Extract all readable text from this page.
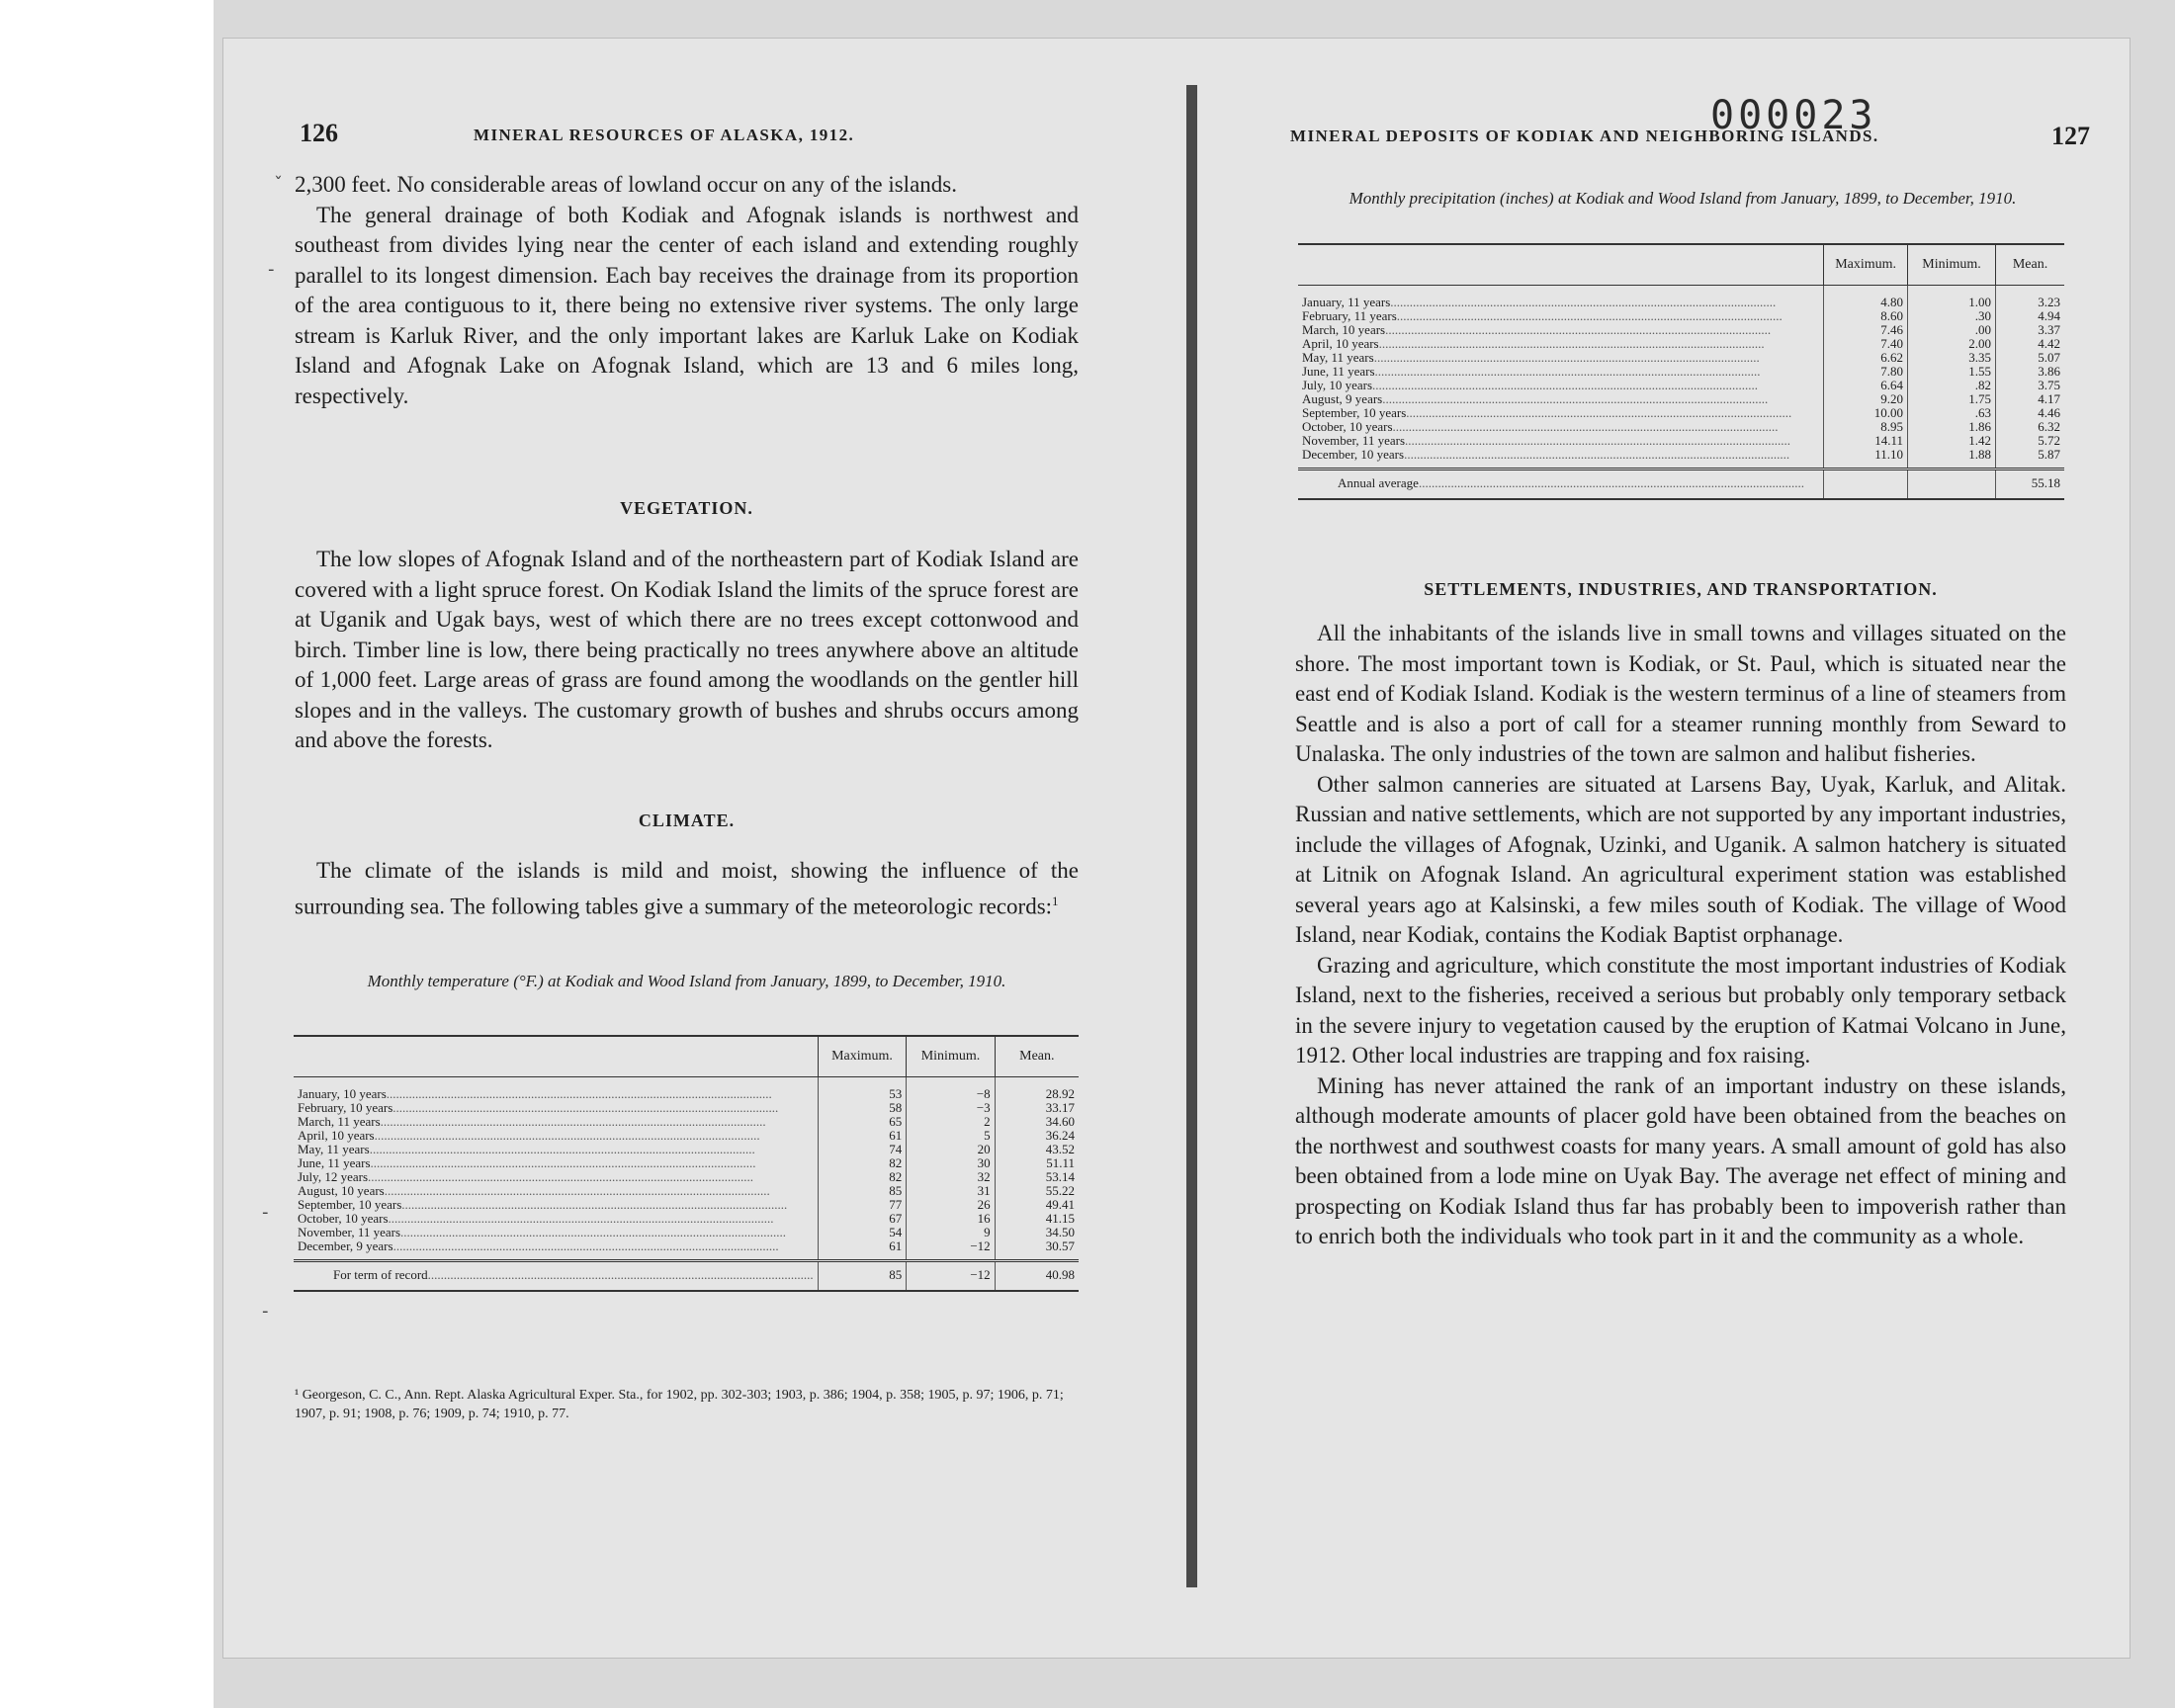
126	MINERAL RESOURCES OF ALASKA, 1912.

2,300 feet. No considerable areas of lowland occur on any of the islands.

The general drainage of both Kodiak and Afognak islands is northwest and southeast from divides lying near the center of each island and extending roughly parallel to its longest dimension. Each bay receives the drainage from its proportion of the area contiguous to it, there being no extensive river systems. The only large stream is Karluk River, and the only important lakes are Karluk Lake on Kodiak Island and Afognak Lake on Afognak Island, which are 13 and 6 miles long, respectively.

VEGETATION.

The low slopes of Afognak Island and of the northeastern part of Kodiak Island are covered with a light spruce forest. On Kodiak Island the limits of the spruce forest are at Uganik and Ugak bays, west of which there are no trees except cottonwood and birch. Timber line is low, there being practically no trees anywhere above an altitude of 1,000 feet. Large areas of grass are found among the woodlands on the gentler hill slopes and in the valleys. The customary growth of bushes and shrubs occurs among and above the forests.

CLIMATE.

The climate of the islands is mild and moist, showing the influence of the surrounding sea. The following tables give a summary of the meteorologic records:$^1$

Monthly temperature (°F.) at Kodiak and Wood Island from January, 1899, to December, 1910.
	Maximum.	Minimum.	Mean.
January, 10 years........................................................................................................................	53	−8	28.92
February, 10 years........................................................................................................................	58	−3	33.17
March, 11 years........................................................................................................................	65	2	34.60
April, 10 years........................................................................................................................	61	5	36.24
May, 11 years........................................................................................................................	74	20	43.52
June, 11 years........................................................................................................................	82	30	51.11
July, 12 years........................................................................................................................	82	32	53.14
August, 10 years........................................................................................................................	85	31	55.22
September, 10 years........................................................................................................................	77	26	49.41
October, 10 years........................................................................................................................	67	16	41.15
November, 11 years........................................................................................................................	54	9	34.50
December, 9 years........................................................................................................................	61	−12	30.57
For term of record........................................................................................................................	85	−12	40.98
¹ Georgeson, C. C., Ann. Rept. Alaska Agricultural Exper. Sta., for 1902, pp. 302-303; 1903, p. 386; 1904, p. 358; 1905, p. 97; 1906, p. 71; 1907, p. 91; 1908, p. 76; 1909, p. 74; 1910, p. 77.
000023
MINERAL DEPOSITS OF KODIAK AND NEIGHBORING ISLANDS.	127
Monthly precipitation (inches) at Kodiak and Wood Island from January, 1899, to December, 1910.
	Maximum.	Minimum.	Mean.
January, 11 years........................................................................................................................	4.80	1.00	3.23
February, 11 years........................................................................................................................	8.60	.30	4.94
March, 10 years........................................................................................................................	7.46	.00	3.37
April, 10 years........................................................................................................................	7.40	2.00	4.42
May, 11 years........................................................................................................................	6.62	3.35	5.07
June, 11 years........................................................................................................................	7.80	1.55	3.86
July, 10 years........................................................................................................................	6.64	.82	3.75
August, 9 years........................................................................................................................	9.20	1.75	4.17
September, 10 years........................................................................................................................	10.00	.63	4.46
October, 10 years........................................................................................................................	8.95	1.86	6.32
November, 11 years........................................................................................................................	14.11	1.42	5.72
December, 10 years........................................................................................................................	11.10	1.88	5.87
Annual average........................................................................................................................			55.18
SETTLEMENTS, INDUSTRIES, AND TRANSPORTATION.

All the inhabitants of the islands live in small towns and villages situated on the shore. The most important town is Kodiak, or St. Paul, which is situated near the east end of Kodiak Island. Kodiak is the western terminus of a line of steamers from Seattle and is also a port of call for a steamer running monthly from Seward to Unalaska. The only industries of the town are salmon and halibut fisheries.

Other salmon canneries are situated at Larsens Bay, Uyak, Karluk, and Alitak. Russian and native settlements, which are not supported by any important industries, include the villages of Afognak, Uzinki, and Uganik. A salmon hatchery is situated at Litnik on Afognak Island. An agricultural experiment station was established several years ago at Kalsinski, a few miles south of Kodiak. The village of Wood Island, near Kodiak, contains the Kodiak Baptist orphanage.

Grazing and agriculture, which constitute the most important industries of Kodiak Island, next to the fisheries, received a serious but probably only temporary setback in the severe injury to vegetation caused by the eruption of Katmai Volcano in June, 1912. Other local industries are trapping and fox raising.

Mining has never attained the rank of an important industry on these islands, although moderate amounts of placer gold have been obtained from the beaches on the northwest and southwest coasts for many years. A small amount of gold has also been obtained from a lode mine on Uyak Bay. The average net effect of mining and prospecting on Kodiak Island thus far has probably been to impoverish rather than to enrich both the individuals who took part in it and the community as a whole.

ˇ
-
-
-
